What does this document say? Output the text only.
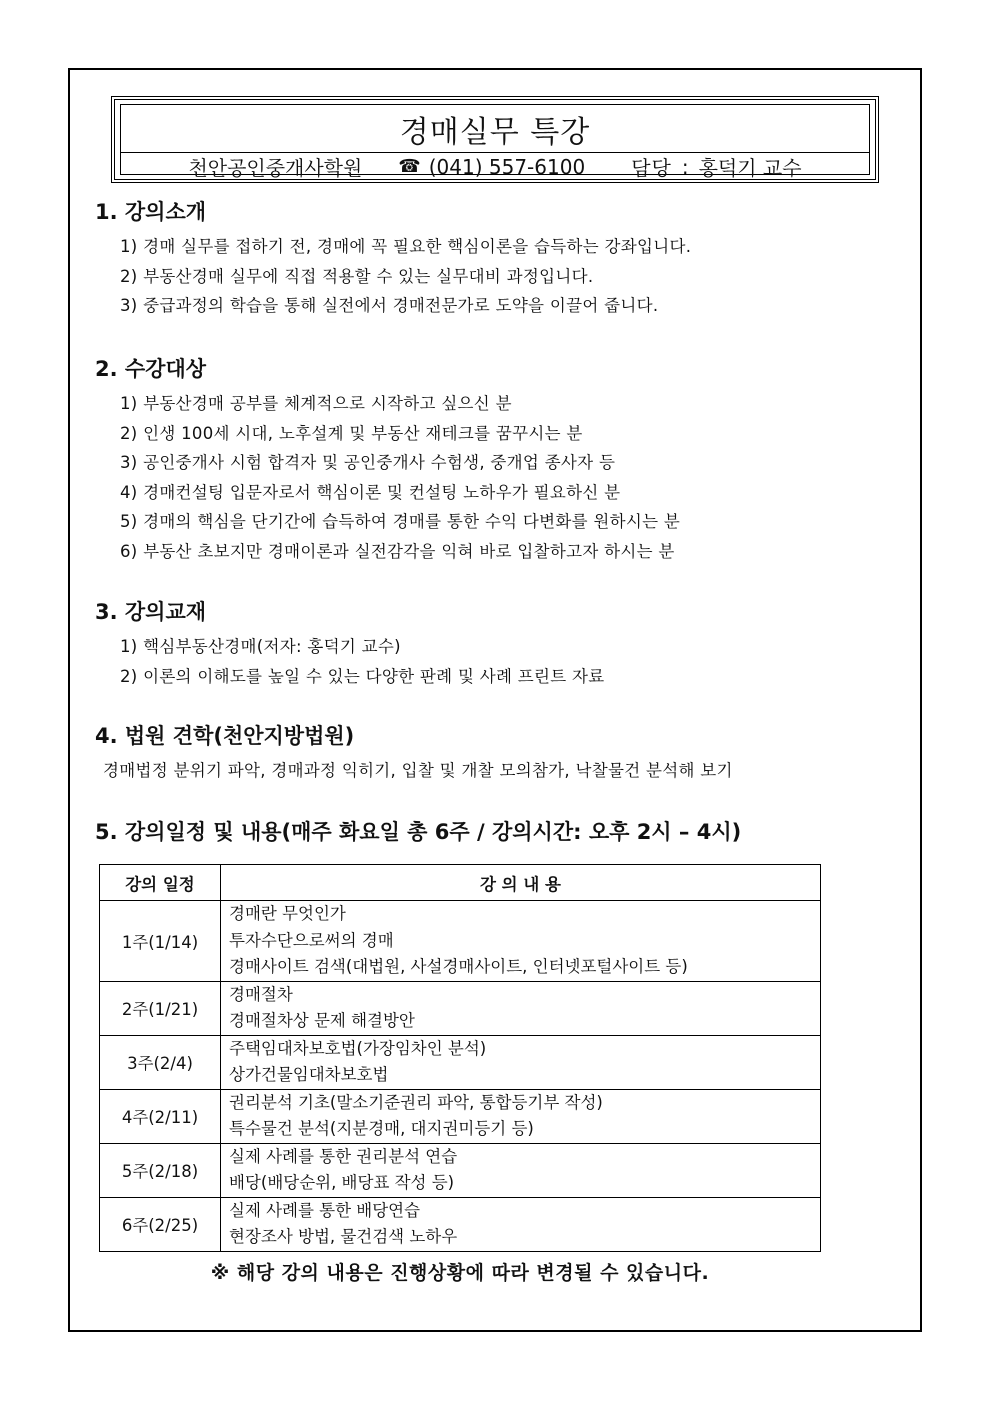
경매실무 특강
천안공인중개사학원 ☎ (041) 557-6100 담당 : 홍덕기 교수
1. 강의소개
1) 경매 실무를 접하기 전, 경매에 꼭 필요한 핵심이론을 습득하는 강좌입니다.
2) 부동산경매 실무에 직접 적용할 수 있는 실무대비 과정입니다.
3) 중급과정의 학습을 통해 실전에서 경매전문가로 도약을 이끌어 줍니다.
2. 수강대상
1) 부동산경매 공부를 체계적으로 시작하고 싶으신 분
2) 인생 100세 시대, 노후설계 및 부동산 재테크를 꿈꾸시는 분
3) 공인중개사 시험 합격자 및 공인중개사 수험생, 중개업 종사자 등
4) 경매컨설팅 입문자로서 핵심이론 및 컨설팅 노하우가 필요하신 분
5) 경매의 핵심을 단기간에 습득하여 경매를 통한 수익 다변화를 원하시는 분
6) 부동산 초보지만 경매이론과 실전감각을 익혀 바로 입찰하고자 하시는 분
3. 강의교재
1) 핵심부동산경매(저자: 홍덕기 교수)
2) 이론의 이해도를 높일 수 있는 다양한 판례 및 사례 프린트 자료
4. 법원 견학(천안지방법원)
경매법정 분위기 파악, 경매과정 익히기, 입찰 및 개찰 모의참가, 낙찰물건 분석해 보기
5. 강의일정 및 내용(매주 화요일 총 6주 / 강의시간: 오후 2시 – 4시)
강의 일정	강 의 내 용
1주(1/14)	경매란 무엇인가
투자수단으로써의 경매
경매사이트 검색(대법원, 사설경매사이트, 인터넷포털사이트 등)

2주(1/21)	경매절차
경매절차상 문제 해결방안

3주(2/4)	주택임대차보호법(가장임차인 분석)
상가건물임대차보호법

4주(2/11)	권리분석 기초(말소기준권리 파악, 통합등기부 작성)
특수물건 분석(지분경매, 대지권미등기 등)

5주(2/18)	실제 사례를 통한 권리분석 연습
배당(배당순위, 배당표 작성 등)

6주(2/25)	실제 사례를 통한 배당연습
현장조사 방법, 물건검색 노하우
※ 해당 강의 내용은 진행상황에 따라 변경될 수 있습니다.
